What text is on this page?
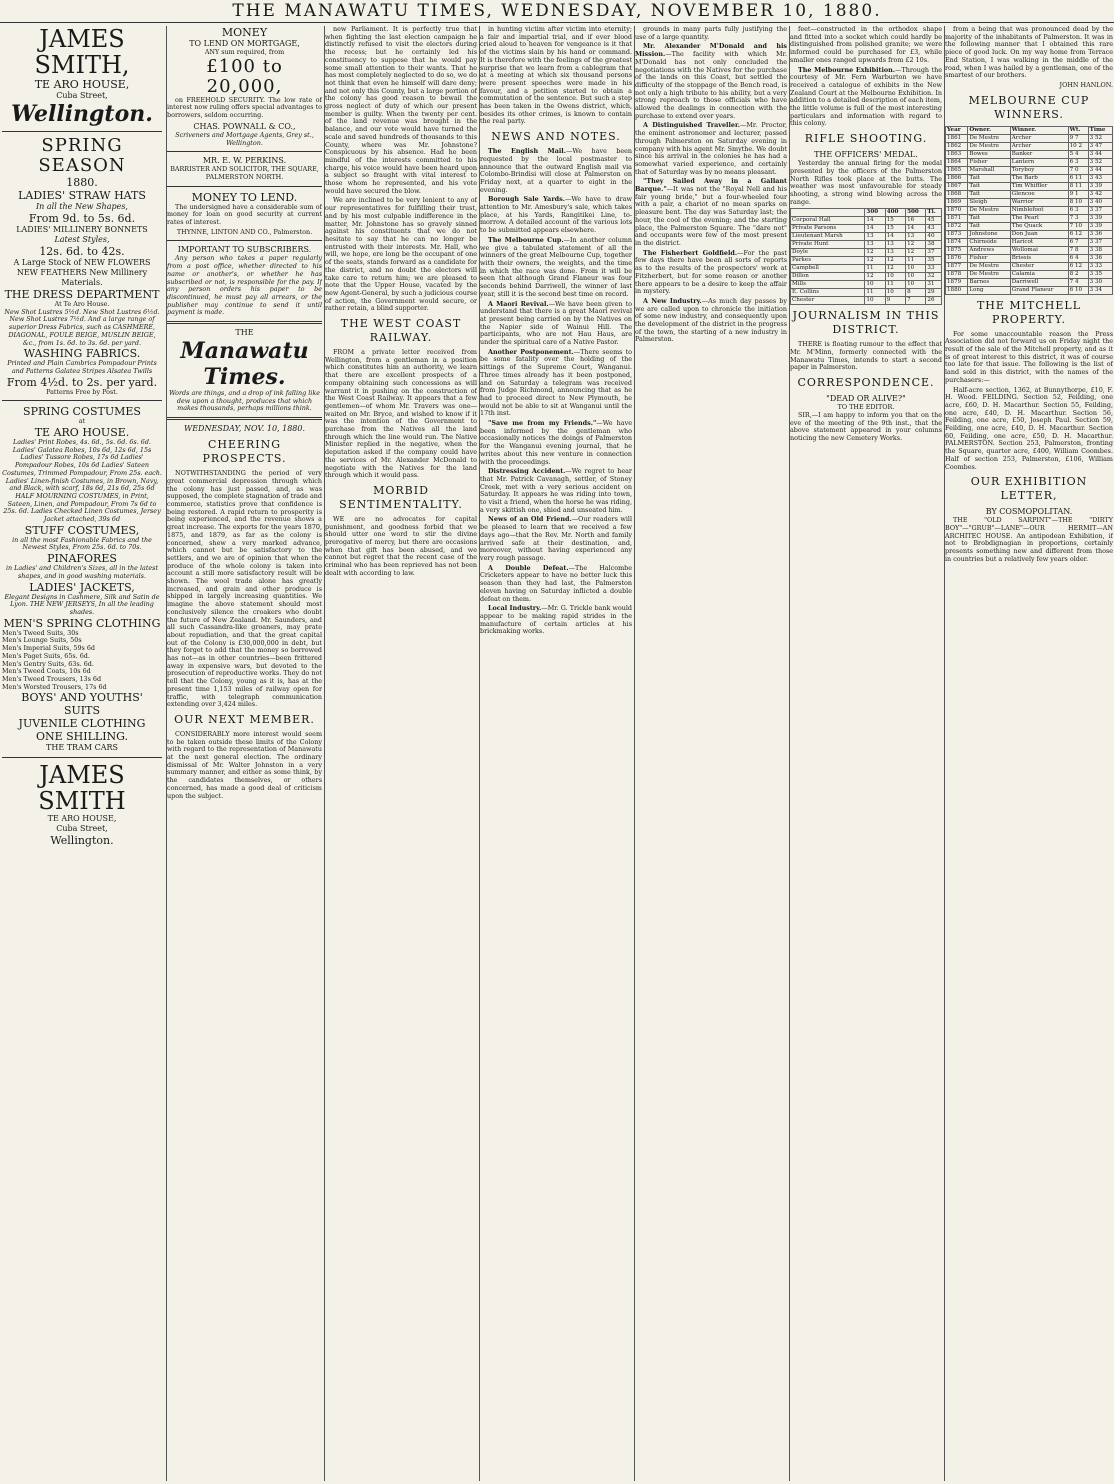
THE MANAWATU TIMES, WEDNESDAY, NOVEMBER 10, 1880.
JAMES SMITH,
TE ARO HOUSE,
Cuba Street,
Wellington.
SPRING SEASON
1880.
LADIES' STRAW HATS
In all the New Shapes,
From 9d. to 5s. 6d.
LADIES' MILLINERY BONNETS
Latest Styles,
12s. 6d. to 42s.
A Large Stock of NEW FLOWERS NEW FEATHERS New Millinery Materials.
THE DRESS DEPARTMENT
At Te Aro House.
New Shot Lustres 5½d. New Shot Lustres 6½d. New Shot Lustres 7½d. And a large range of superior Dress Fabrics, such as CASHMERE, DIAGONAL, FOULE BEIGE, MUSLIN BEIGE, &c., from 1s. 6d. to 3s. 6d. per yard.
WASHING FABRICS.
Printed and Plain Cambrics Pompadour Prints and Patterns Galatea Stripes Alsatea Twills
From 4½d. to 2s. per yard.
Patterns Free by Post.
SPRING COSTUMES
at
TE ARO HOUSE.
Ladies' Print Robes, 4s. 6d., 5s. 6d. 6s. 6d. Ladies' Galatea Robes, 10s 6d, 12s 6d, 15s Ladies' Tussore Robes, 17s 6d Ladies' Pompadour Robes, 10s 6d Ladies' Sateen Costumes, Trimmed Pompadour, From 25s. each. Ladies' Linen-finish Costumes, in Brown, Navy, and Black, with scarf, 18s 6d, 21s 6d, 25s 6d HALF MOURNING COSTUMES, in Print, Sateen, Linen, and Pompadour, From 7s 6d to 25s. 6d. Ladies Checked Linen Costumes, Jersey Jacket attached, 39s 6d
STUFF COSTUMES,
in all the most Fashionable Fabrics and the Newest Styles, From 25s. 6d. to 70s.
PINAFORES
in Ladies' and Children's Sizes, all in the latest shapes, and in good washing materials.
LADIES' JACKETS,
Elegant Designs in Cashmere, Silk and Satin de Lyon. THE NEW JERSEYS, In all the leading shades.
MEN'S SPRING CLOTHING
Men's Tweed Suits, 30s
Men's Lounge Suits, 50s
Men's Imperial Suits, 59s 6d
Men's Paget Suits, 65s. 6d.
Men's Gentry Suits, 63s. 6d.
Men's Tweed Coats, 10s 6d
Men's Tweed Trousers, 13s 6d
Men's Worsted Trousers, 17s 6d
BOYS' AND YOUTHS' SUITS
JUVENILE CLOTHING
ONE SHILLING.
THE TRAM CARS
JAMES SMITH
TE ARO HOUSE,
Cuba Street,
Wellington.
MONEY
TO LEND ON MORTGAGE,
ANY sum required, from
£100 to 20,000,

on FREEHOLD SECURITY. The low rate of interest now ruling offers special advantages to borrowers, seldom occurring.

CHAS. POWNALL & CO.,
Scriveners and Mortgage Agents, Grey st., Wellington.
MR. E. W. PERKINS.
BARRISTER AND SOLICITOR, THE SQUARE, PALMERSTON NORTH.
MONEY TO LEND.

The undersigned have a considerable sum of money for loan on good security at current rates of interest.

THYNNE, LINTON AND CO., Palmerston.
IMPORTANT TO SUBSCRIBERS.

Any person who takes a paper regularly from a post office, whether directed to his name or another's, or whether he has subscribed or not, is responsible for the pay. If any person orders his paper to be discontinued, he must pay all arrears, or the publisher may continue to send it until payment is made.

THE
Manawatu Times.
Words are things, and a drop of ink falling like dew upon a thought, produces that which makes thousands, perhaps millions think.
WEDNESDAY, NOV. 10, 1880.
CHEERING PROSPECTS.

NOTWITHSTANDING the period of very great commercial depression through which the colony has just passed, and, as was supposed, the complete stagnation of trade and commerce, statistics prove that confidence is being restored. A rapid return to prosperity is being experienced, and the revenue shows a great increase. The exports for the years 1870, 1875, and 1879, as far as the colony is concerned, shew a very marked advance, which cannot but be satisfactory to the settlers, and we are of opinion that when the produce of the whole colony is taken into account a still more satisfactory result will be shown. The wool trade alone has greatly increased, and grain and other produce is shipped in largely increasing quantities. We imagine the above statement should most conclusively silence the croakers who doubt the future of New Zealand. Mr. Saunders, and all such Cassandra-like groaners, may prate about repudiation, and that the great capital out of the Colony is £30,000,000 in debt, but they forget to add that the money so borrowed has not—as in other countries—been frittered away in expensive wars, but devoted to the prosecution of reproductive works. They do not tell that the Colony, young as it is, has at the present time 1,153 miles of railway open for traffic, with telegraph communication extending over 3,424 miles.

OUR NEXT MEMBER.

CONSIDERABLY more interest would seem to be taken outside these limits of the Colony with regard to the representation of Manawatu at the next general election. The ordinary dismissal of Mr. Walter Johnston in a very summary manner, and either as some think, by the candidates themselves, or others concerned, has made a good deal of criticism upon the subject.

new Parliament. It is perfectly true that when fighting the last election campaign he distinctly refused to visit the electors during the recess; but he certainly led his constituency to suppose that he would pay some small attention to their wants. That he has most completely neglected to do so, we do not think that even he himself will dare deny; and not only this County, but a large portion of the colony has good reason to bewail the gross neglect of duty of which our present member is guilty. When the twenty per cent. of the land revenue was brought in the balance, and our vote would have turned the scale and saved hundreds of thousands to this County, where was Mr. Johnstone? Conspicuous by his absence. Had he been mindful of the interests committed to his charge, his voice would have been heard upon a subject so fraught with vital interest to those whom he represented, and his vote would have secured the blow.

We are inclined to be very lenient to any of our representatives for fulfilling their trust, and by his most culpable indifference in the matter, Mr. Johnstone has so gravely sinned against his constituents that we do not hesitate to say that he can no longer be entrusted with their interests. Mr. Hall, who will, we hope, ere long be the occupant of one of the seats, stands forward as a candidate for the district, and no doubt the electors will take care to return him; we are pleased to note that the Upper House, vacated by the new Agent-General, by such a judicious course of action, the Government would secure, or rather retain, a blind supporter.

THE WEST COAST RAILWAY.

FROM a private letter received from Wellington, from a gentleman in a position which constitutes him an authority, we learn that there are excellent prospects of a company obtaining such concessions as will warrant it in pushing on the construction of the West Coast Railway. It appears that a few gentlemen—of whom Mr. Travers was one—waited on Mr. Bryce, and wished to know if it was the intention of the Government to purchase from the Natives all the land through which the line would run. The Native Minister replied in the negative, when the deputation asked if the company could have the services of Mr. Alexander McDonald to negotiate with the Natives for the land through which it would pass.

MORBID SENTIMENTALITY.

WE are no advocates for capital punishment, and goodness forbid that we should utter one word to stir the divine prerogative of mercy, but there are occasions when that gift has been abused, and we cannot but regret that the recent case of the criminal who has been reprieved has not been dealt with according to law.

in hunting victim after victim into eternity; a fair and impartial trial, and if ever blood cried aloud to heaven for vengeance is it that of the victims slain by his hand or command. It is therefore with the feelings of the greatest surprise that we learn from a cablegram that at a meeting at which six thousand persons were present speeches were made in his favour, and a petition started to obtain a commutation of the sentence. But such a step has been taken in the Owens district, which, besides its other crimes, is known to contain the real party.

NEWS AND NOTES.

The English Mail.—We have been requested by the local postmaster to announce that the outward English mail via Colombo-Brindisi will close at Palmerston on Friday next, at a quarter to eight in the evening.

Borough Sale Yards.—We have to draw attention to Mr. Amesbury's sale, which takes place, at his Yards, Rangitikei Line, to-morrow. A detailed account of the various lots to be submitted appears elsewhere.

The Melbourne Cup.—In another column we give a tabulated statement of all the winners of the great Melbourne Cup, together with their owners, the weights, and the time in which the race was done. From it will be seen that although Grand Flaneur was four seconds behind Darriwell, the winner of last year, still it is the second best time on record.

A Maori Revival.—We have been given to understand that there is a great Maori revival at present being carried on by the Natives on the Napier side of Wainui Hill. The participants, who are not Hau Haus, are under the spiritual care of a Native Pastor.

Another Postponement.—There seems to be some fatality over the holding of the sittings of the Supreme Court, Wanganui. Three times already has it been postponed, and on Saturday a telegram was received from Judge Richmond, announcing that as he had to proceed direct to New Plymouth, he would not be able to sit at Wanganui until the 17th inst.

"Save me from my Friends."—We have been informed by the gentleman who occasionally notices the doings of Palmerston for the Wanganui evening journal, that he writes about this new venture in connection with the proceedings.

Distressing Accident.—We regret to hear that Mr. Patrick Cavanagh, settler, of Stoney Creek, met with a very serious accident on Saturday. It appears he was riding into town, to visit a friend, when the horse he was riding, a very skittish one, shied and unseated him.

News of an Old Friend.—Our readers will be pleased to learn that we received a few days ago—that the Rev. Mr. North and family arrived safe at their destination, and, moreover, without having experienced any very rough passage.

A Double Defeat.—The Halcombe Cricketers appear to have no better luck this season than they had last, the Palmerston eleven having on Saturday inflicted a double defeat on them.

Local Industry.—Mr. G. Trickle bank would appear to be making rapid strides in the manufacture of certain articles at his brickmaking works.

grounds in many parts fully justifying the use of a large quantity.

Mr. Alexander M'Donald and his Mission.—The facility with which Mr. M'Donald has not only concluded the negotiations with the Natives for the purchase of the lands on this Coast, but settled the difficulty of the stoppage of the Bench road, is not only a high tribute to his ability, but a very strong reproach to those officials who have allowed the dealings in connection with the purchase to extend over years.

A Distinguished Traveller.—Mr. Proctor, the eminent astronomer and lecturer, passed through Palmerston on Saturday evening in company with his agent Mr. Smythe. We doubt since his arrival in the colonies he has had a somewhat varied experience, and certainly that of Saturday was by no means pleasant.

"They Sailed Away in a Gallant Barque."—It was not the "Royal Nell and his fair young bride," but a four-wheeled four with a pair, a chariot of no mean sparks on pleasure bent. The day was Saturday last; the hour, the cool of the evening; and the starting place, the Palmerston Square. The "dare not" and occupants were few of the most present in the district.

The Fisherbert Goldfield.—For the past few days there have been all sorts of reports as to the results of the prospectors' work at Fitzherbert, but for some reason or another there appears to be a desire to keep the affair in mystery.

A New Industry.—As much day passes by we are called upon to chronicle the initiation of some new industry, and consequently upon the development of the district in the progress of the town, the starting of a new industry in Palmerston.

feet—constructed in the orthodox shape and fitted into a socket which could hardly be distinguished from polished granite; we were informed could be purchased for £3, while smaller ones ranged upwards from £2 10s.

The Melbourne Exhibition.—Through the courtesy of Mr. Fern Warburton we have received a catalogue of exhibits in the New Zealand Court at the Melbourne Exhibition. In addition to a detailed description of each item, the little volume is full of the most interesting particulars and information with regard to this colony.

RIFLE SHOOTING.
THE OFFICERS' MEDAL.

Yesterday the annual firing for the medal presented by the officers of the Palmerston North Rifles took place at the butts. The weather was most unfavourable for steady shooting, a strong wind blowing across the range.

	300	400	500	Tl.
Corporal Hall	14	15	16	45
Private Parsons	14	15	14	43
Lieutenant Marsh	13	14	13	40
Private Hunt	13	13	12	38
Doyle	12	13	12	37
Parkes	12	12	11	35
Campbell	11	12	10	33
Dillon	12	10	10	32
Mills	10	11	10	31
E. Collins	11	10	8	29
Chester	10	9	7	26
JOURNALISM IN THIS DISTRICT.

THERE is floating rumour to the effect that Mr. M'Minn, formerly connected with the Manawatu Times, intends to start a second paper in Palmerston.

CORRESPONDENCE.
"DEAD OR ALIVE?"
TO THE EDITOR.

SIR,—I am happy to inform you that on the eve of the meeting of the 9th inst., that the above statement appeared in your columns noticing the new Cemetery Works.

from a being that was pronounced dead by the majority of the inhabitants of Palmerston. It was in the following manner that I obtained this rare piece of good luck. On my way home from Terrace End Station, I was walking in the middle of the road, when I was hailed by a gentleman, one of the smartest of our brothers.

JOHN HANLON.
MELBOURNE CUP WINNERS.
Year	Owner.	Winner.	Wt.	Time
1861	De Mestre	Archer	9 7	3 52
1862	De Mestre	Archer	10 2	3 47
1863	Bowes	Banker	5 4	3 44
1864	Fisher	Lantern	6 3	3 52
1865	Marshall	Toryboy	7 0	3 44
1866	Tait	The Barb	6 11	3 43
1867	Tait	Tim Whiffler	8 11	3 39
1868	Tait	Glencoe	9 1	3 42
1869	Sleigh	Warrior	8 10	3 40
1870	De Mestre	Nimblefoot	6 3	3 37
1871	Tait	The Pearl	7 3	3 39
1872	Tait	The Quack	7 10	3 39
1873	Johnstone	Don Juan	6 12	3 36
1874	Chirnside	Haricot	6 7	3 37
1875	Andrews	Wollomai	7 8	3 38
1876	Fisher	Briseis	6 4	3 36
1877	De Mestre	Chester	6 12	3 33
1878	De Mestre	Calamia	8 2	3 35
1879	Barnes	Darriwell	7 4	3 30
1880	Long	Grand Flaneur	6 10	3 34
THE MITCHELL PROPERTY.

For some unaccountable reason the Press Association did not forward us on Friday night the result of the sale of the Mitchell property, and as it is of great interest to this district, it was of course too late for that issue. The following is the list of land sold in this district, with the names of the purchasers:—

Half-acre section, 1362, at Bunnythorpe, £10, F. H. Wood. FEILDING. Section 52, Feilding, one acre, £60, D. H. Macarthur. Section 55, Feilding, one acre, £40, D. H. Macarthur. Section 56, Feilding, one acre, £50, Joseph Paul. Section 59, Feilding, one acre, £40, D. H. Macarthur. Section 60, Feilding, one acre, £50, D. H. Macarthur. PALMERSTON. Section 253, Palmerston, fronting the Square, quarter acre, £400, William Coombes. Half of section 253, Palmerston, £106, William Coombes.

OUR EXHIBITION LETTER,
BY COSMOPOLITAN.

THE "OLD SARPINT"—THE "DIRTY BOY"—"GRUB"—LANE"—OUR HERMIT—AN ARCHITEC HOUSE. An antipodean Exhibition, if not to Brobdignagian in proportions, certainly presents something new and different from those in countries but a relatively few years older.
